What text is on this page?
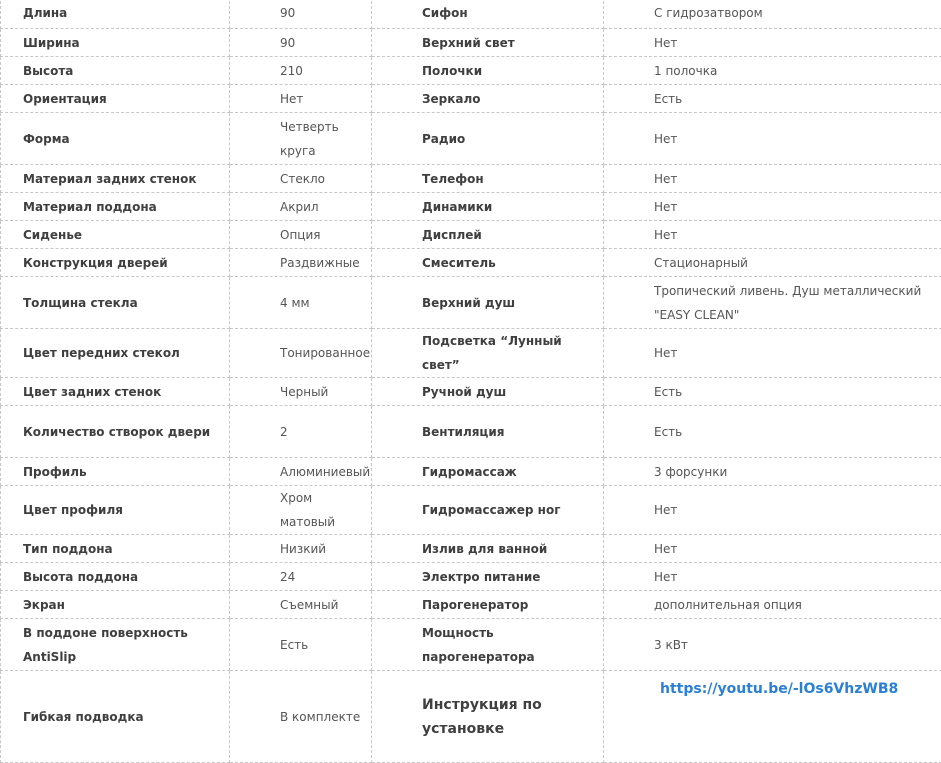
Длина	90	Сифон	С гидрозатвором
Ширина	90	Верхний свет	Нет
Высота	210	Полочки	1 полочка
Ориентация	Нет	Зеркало	Есть
Форма	Четверть круга	Радио	Нет
Материал задних стенок	Стекло	Телефон	Нет
Материал поддона	Акрил	Динамики	Нет
Сиденье	Опция	Дисплей	Нет
Конструкция дверей	Раздвижные	Смеситель	Стационарный
Толщина стекла	4 мм	Верхний душ	Тропический ливень. Душ металлический "EASY CLEAN"
Цвет передних стекол	Тонированное	Подсветка “Лунный свет”	Нет
Цвет задних стенок	Черный	Ручной душ	Есть
Количество створок двери	2	Вентиляция	Есть
Профиль	Алюминиевый	Гидромассаж	3 форсунки
Цвет профиля	Хром матовый	Гидромассажер ног	Нет
Тип поддона	Низкий	Излив для ванной	Нет
Высота поддона	24	Электро питание	Нет
Экран	Съемный	Парогенератор	дополнительная опция
В поддоне поверхность AntiSlip	Есть	Мощность парогенератора	3 кВт
Гибкая подводка	В комплекте	Инструкция по установке	https://youtu.be/-lOs6VhzWB8
